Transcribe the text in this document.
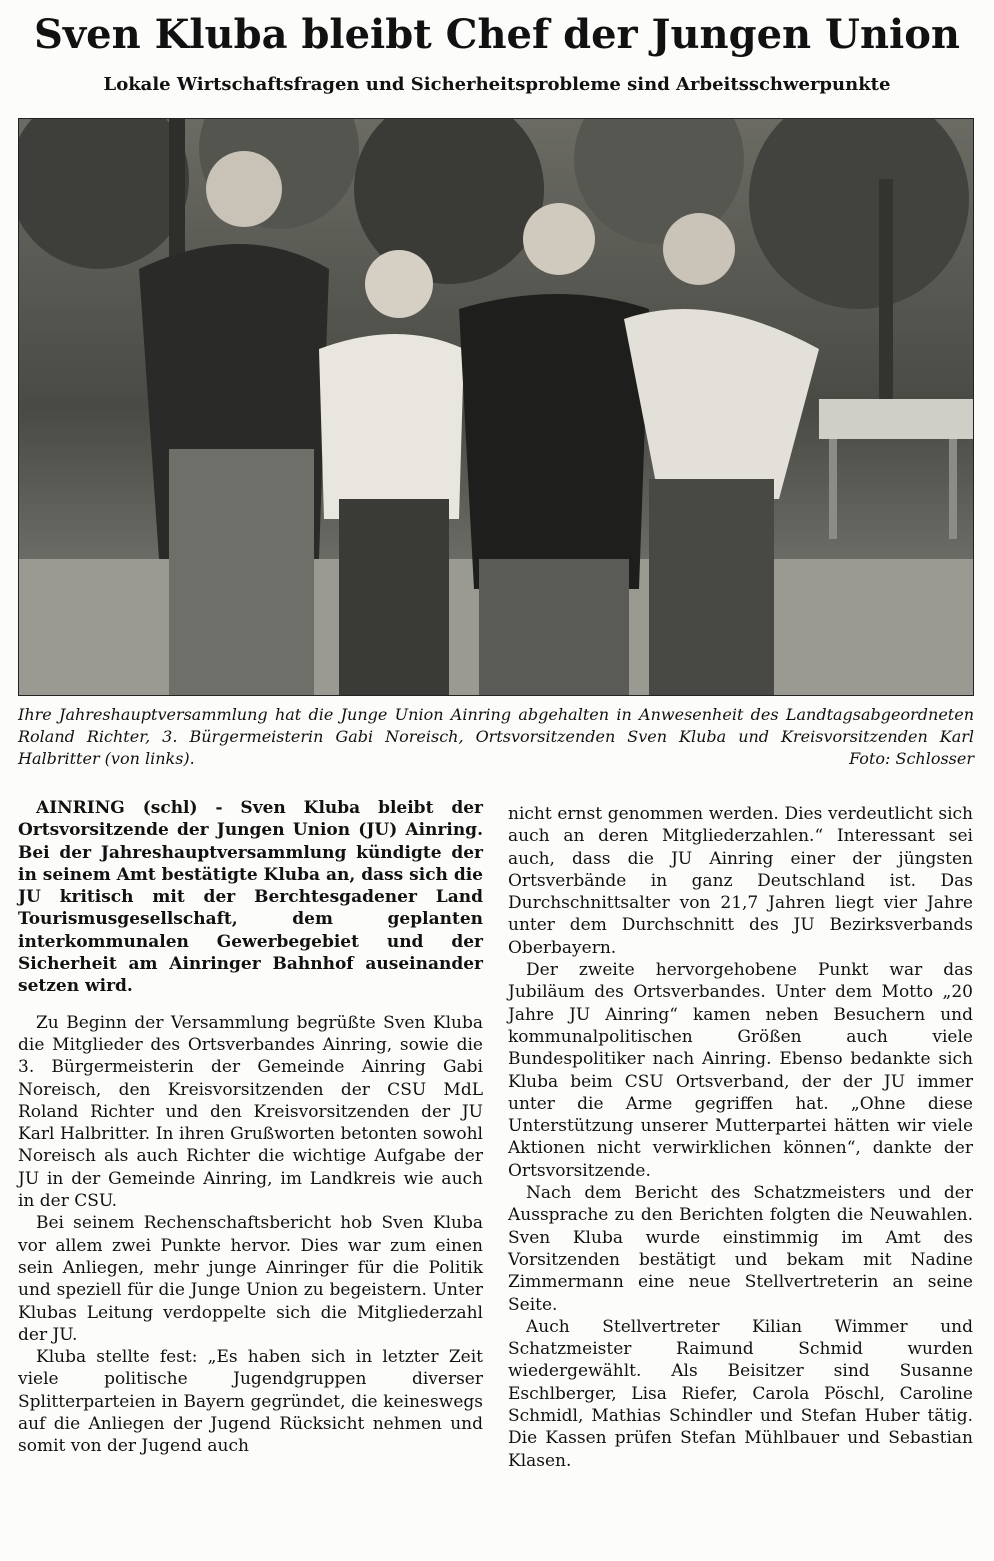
Sven Kluba bleibt Chef der Jungen Union
Lokale Wirtschaftsfragen und Sicherheitsprobleme sind Arbeitsschwerpunkte

Ihre Jahreshauptversammlung hat die Junge Union Ainring abgehalten in Anwesenheit des Landtagsabgeordneten Roland Richter, 3. Bürgermeisterin Gabi Noreisch, Ortsvorsitzenden Sven Kluba und Kreisvorsitzenden Karl Halbritter (von links).	Foto: Schlosser

AINRING (schl) - Sven Kluba bleibt der Ortsvorsitzende der Jungen Union (JU) Ainring. Bei der Jahreshauptversammlung kündigte der in seinem Amt bestätigte Kluba an, dass sich die JU kritisch mit der Berchtesgadener Land Tourismusgesellschaft, dem geplanten interkommunalen Gewerbegebiet und der Sicherheit am Ainringer Bahnhof auseinander setzen wird.

Zu Beginn der Versammlung begrüßte Sven Kluba die Mitglieder des Ortsverbandes Ainring, sowie die 3. Bürgermeisterin der Gemeinde Ainring Gabi Noreisch, den Kreisvorsitzenden der CSU MdL Roland Richter und den Kreisvorsitzenden der JU Karl Halbritter. In ihren Grußworten betonten sowohl Noreisch als auch Richter die wichtige Aufgabe der JU in der Gemeinde Ainring, im Landkreis wie auch in der CSU.

Bei seinem Rechenschaftsbericht hob Sven Kluba vor allem zwei Punkte hervor. Dies war zum einen sein Anliegen, mehr junge Ainringer für die Politik und speziell für die Junge Union zu begeistern. Unter Klubas Leitung verdoppelte sich die Mitgliederzahl der JU.

Kluba stellte fest: „Es haben sich in letzter Zeit viele politische Jugendgruppen diverser Splitterparteien in Bayern gegründet, die keineswegs auf die Anliegen der Jugend Rücksicht nehmen und somit von der Jugend auch

nicht ernst genommen werden. Dies verdeutlicht sich auch an deren Mitgliederzahlen.“ Interessant sei auch, dass die JU Ainring einer der jüngsten Ortsverbände in ganz Deutschland ist. Das Durchschnittsalter von 21,7 Jahren liegt vier Jahre unter dem Durchschnitt des JU Bezirksverbands Oberbayern.

Der zweite hervorgehobene Punkt war das Jubiläum des Ortsverbandes. Unter dem Motto „20 Jahre JU Ainring“ kamen neben Besuchern und kommunalpolitischen Größen auch viele Bundespolitiker nach Ainring. Ebenso bedankte sich Kluba beim CSU Ortsverband, der der JU immer unter die Arme gegriffen hat. „Ohne diese Unterstützung unserer Mutterpartei hätten wir viele Aktionen nicht verwirklichen können“, dankte der Ortsvorsitzende.

Nach dem Bericht des Schatzmeisters und der Aussprache zu den Berichten folgten die Neuwahlen. Sven Kluba wurde einstimmig im Amt des Vorsitzenden bestätigt und bekam mit Nadine Zimmermann eine neue Stellvertreterin an seine Seite.

Auch Stellvertreter Kilian Wimmer und Schatzmeister Raimund Schmid wurden wiedergewählt. Als Beisitzer sind Susanne Eschlberger, Lisa Riefer, Carola Pöschl, Caroline Schmidl, Mathias Schindler und Stefan Huber tätig. Die Kassen prüfen Stefan Mühlbauer und Sebastian Klasen.
